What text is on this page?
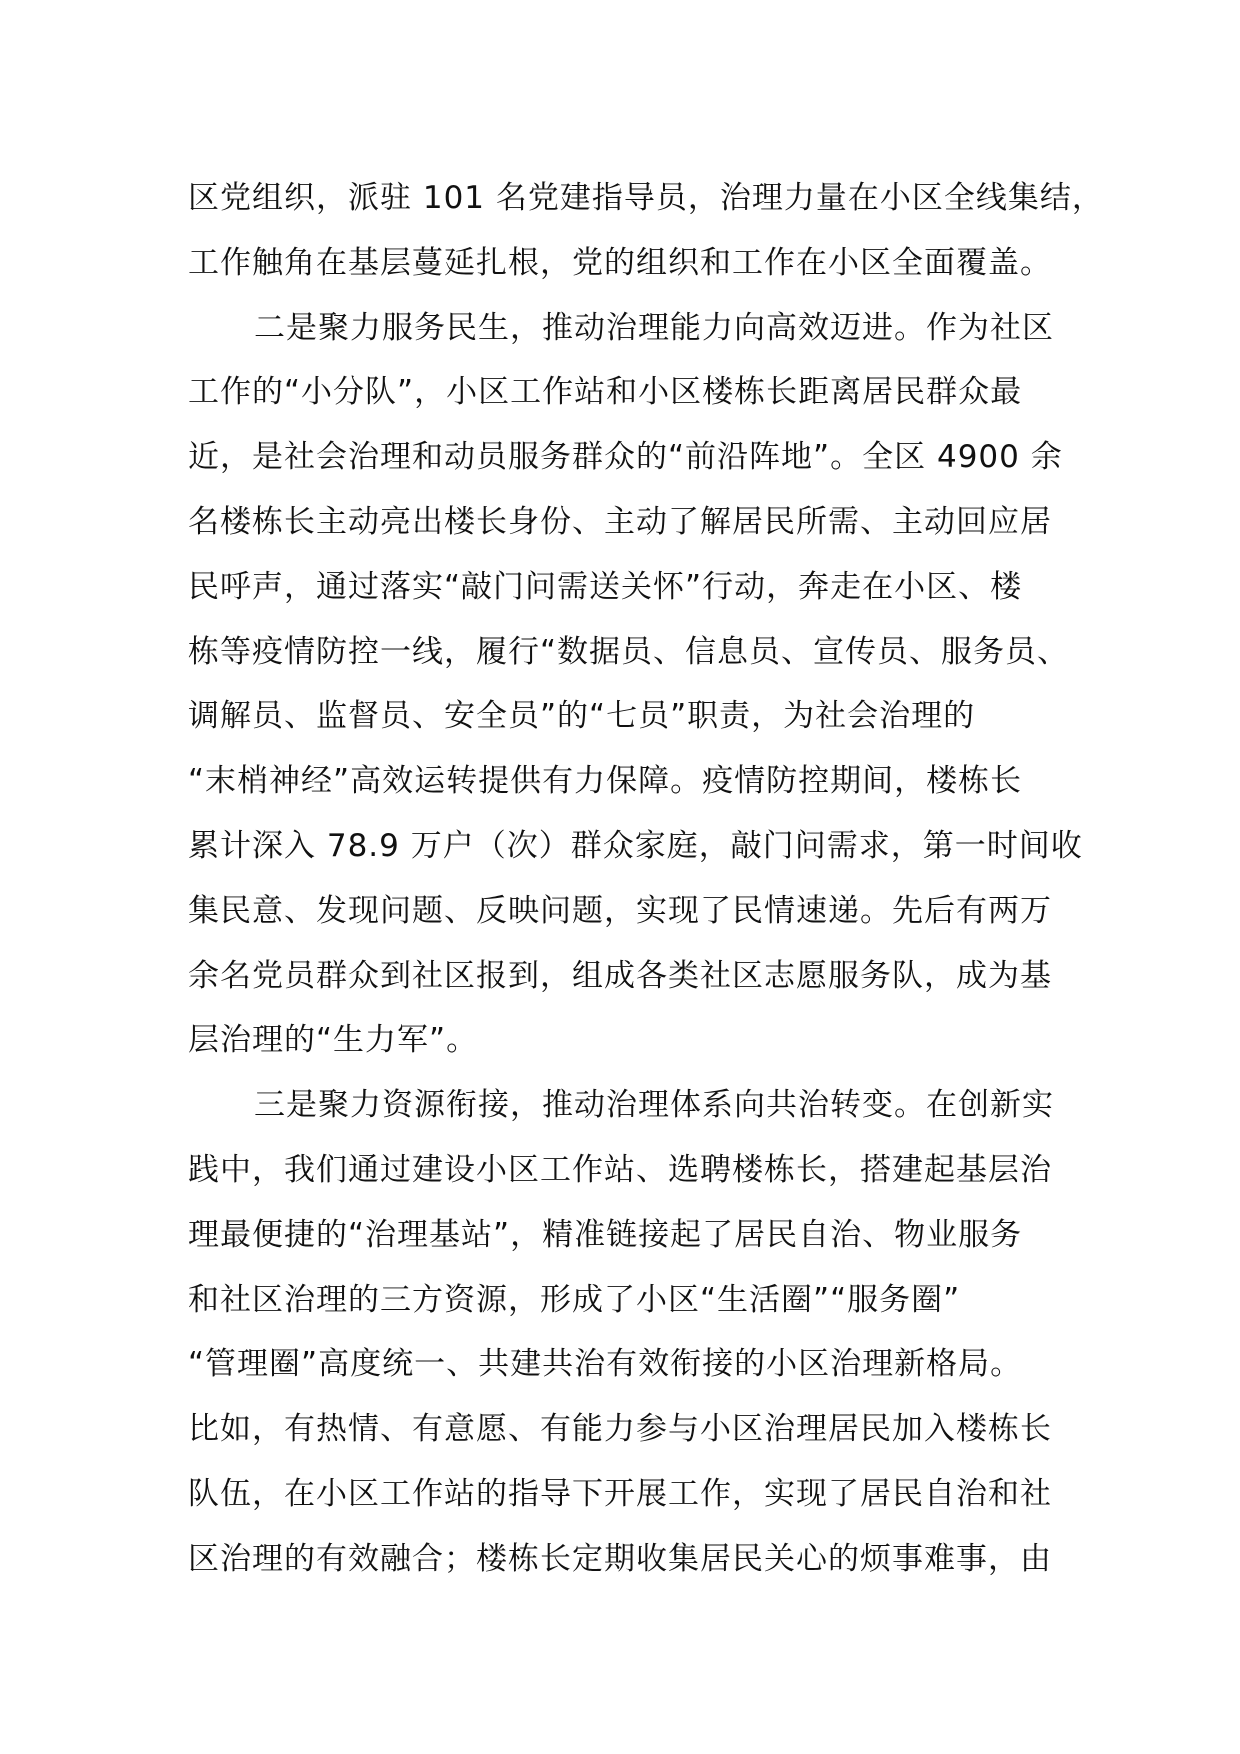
区党组织，派驻 101 名党建指导员，治理力量在小区全线集结，
工作触角在基层蔓延扎根，党的组织和工作在小区全面覆盖。
二是聚力服务民生，推动治理能力向高效迈进。作为社区
工作的“小分队”，小区工作站和小区楼栋长距离居民群众最
近，是社会治理和动员服务群众的“前沿阵地”。全区 4900 余
名楼栋长主动亮出楼长身份、主动了解居民所需、主动回应居
民呼声，通过落实“敲门问需送关怀”行动，奔走在小区、楼
栋等疫情防控一线，履行“数据员、信息员、宣传员、服务员、
调解员、监督员、安全员”的“七员”职责，为社会治理的
“末梢神经”高效运转提供有力保障。疫情防控期间，楼栋长
累计深入 78.9 万户（次）群众家庭，敲门问需求，第一时间收
集民意、发现问题、反映问题，实现了民情速递。先后有两万
余名党员群众到社区报到，组成各类社区志愿服务队，成为基
层治理的“生力军”。
三是聚力资源衔接，推动治理体系向共治转变。在创新实
践中，我们通过建设小区工作站、选聘楼栋长，搭建起基层治
理最便捷的“治理基站”，精准链接起了居民自治、物业服务
和社区治理的三方资源，形成了小区“生活圈”“服务圈”
“管理圈”高度统一、共建共治有效衔接的小区治理新格局。
比如，有热情、有意愿、有能力参与小区治理居民加入楼栋长
队伍，在小区工作站的指导下开展工作，实现了居民自治和社
区治理的有效融合；楼栋长定期收集居民关心的烦事难事，由
